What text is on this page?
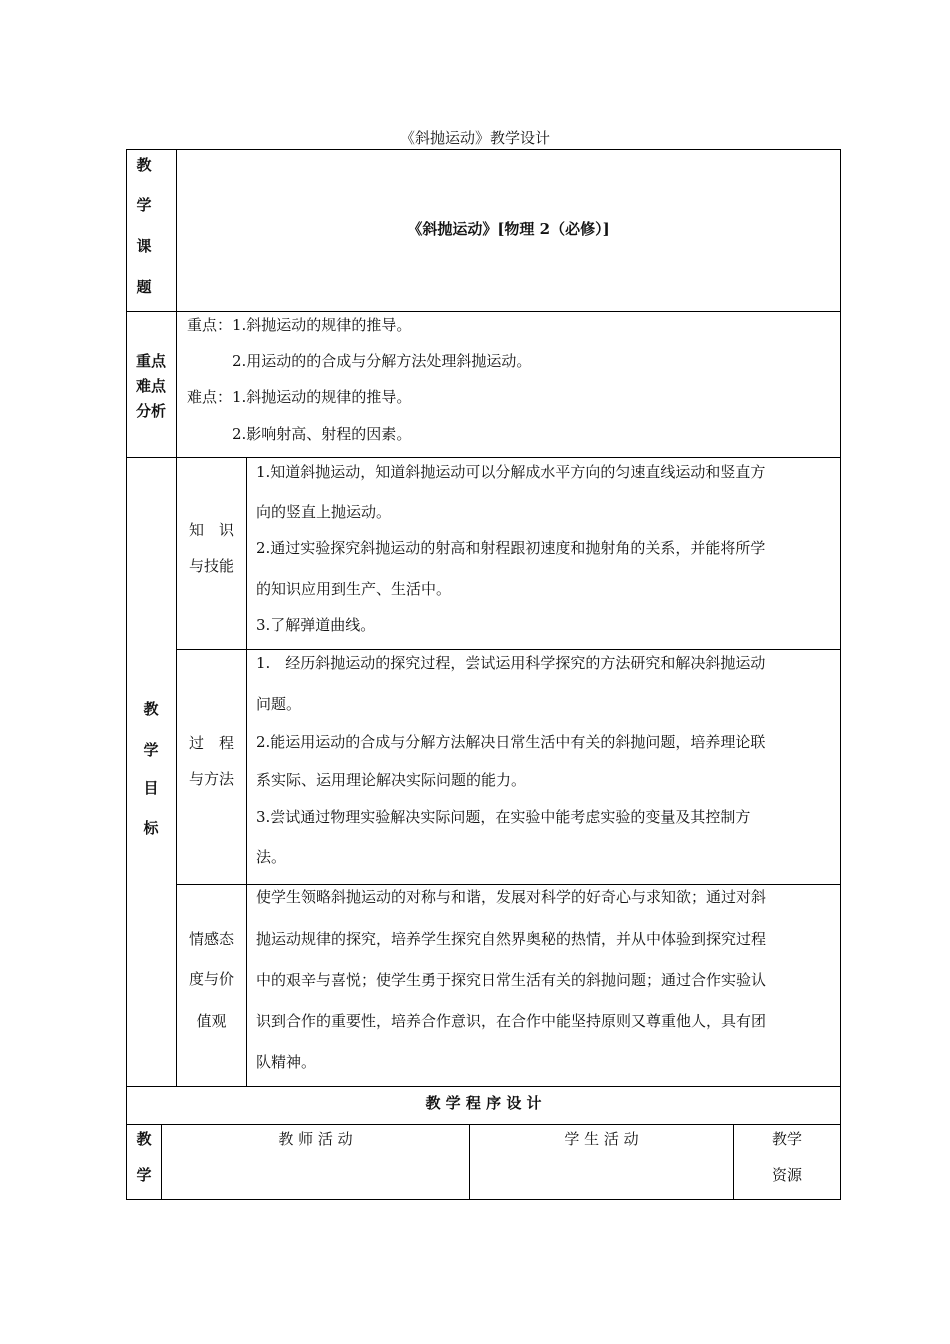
《斜抛运动》教学设计
教
学
课
题
《斜抛运动》[物理 2（必修）]
重点
难点
分析
重点：1.斜抛运动的规律的推导。
2.用运动的的合成与分解方法处理斜抛运动。
难点：1.斜抛运动的规律的推导。
2.影响射高、射程的因素。
教
学
目
标
知　识
与技能
1.知道斜抛运动，知道斜抛运动可以分解成水平方向的匀速直线运动和竖直方
向的竖直上抛运动。
2.通过实验探究斜抛运动的射高和射程跟初速度和抛射角的关系，并能将所学
的知识应用到生产、生活中。
3.了解弹道曲线。
过　程
与方法
1.　经历斜抛运动的探究过程，尝试运用科学探究的方法研究和解决斜抛运动
问题。
2.能运用运动的合成与分解方法解决日常生活中有关的斜抛问题，培养理论联
系实际、运用理论解决实际问题的能力。
3.尝试通过物理实验解决实际问题，在实验中能考虑实验的变量及其控制方
法。
情感态
度与价
值观
使学生领略斜抛运动的对称与和谐，发展对科学的好奇心与求知欲；通过对斜
抛运动规律的探究，培养学生探究自然界奥秘的热情，并从中体验到探究过程
中的艰辛与喜悦；使学生勇于探究日常生活有关的斜抛问题；通过合作实验认
识到合作的重要性，培养合作意识，在合作中能坚持原则又尊重他人，具有团
队精神。
教 学 程 序 设 计
教
学
教 师 活 动	学 生 活 动	教学
资源
